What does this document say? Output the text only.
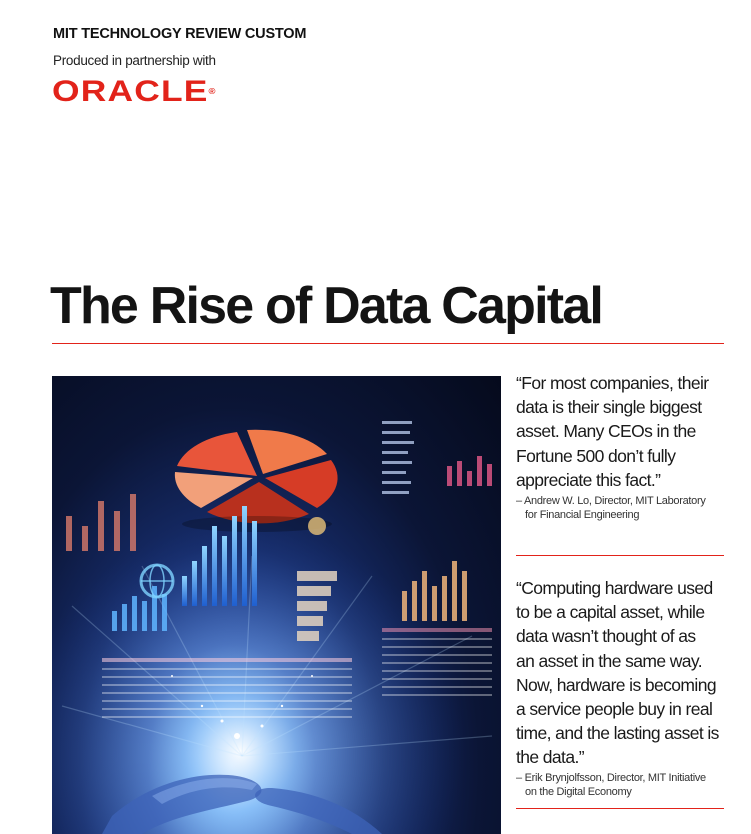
MIT TECHNOLOGY REVIEW CUSTOM
Produced in partnership with
ORACLE®
The Rise of Data Capital
“For most companies, their
data is their single biggest
asset. Many CEOs in the
Fortune 500 don’t fully
appreciate this fact.”
– Andrew W. Lo, Director, MIT Laboratory
for Financial Engineering
“Computing hardware used
to be a capital asset, while
data wasn’t thought of as
an asset in the same way.
Now, hardware is becoming
a service people buy in real
time, and the lasting asset is
the data.”
– Erik Brynjolfsson, Director, MIT Initiative
on the Digital Economy
